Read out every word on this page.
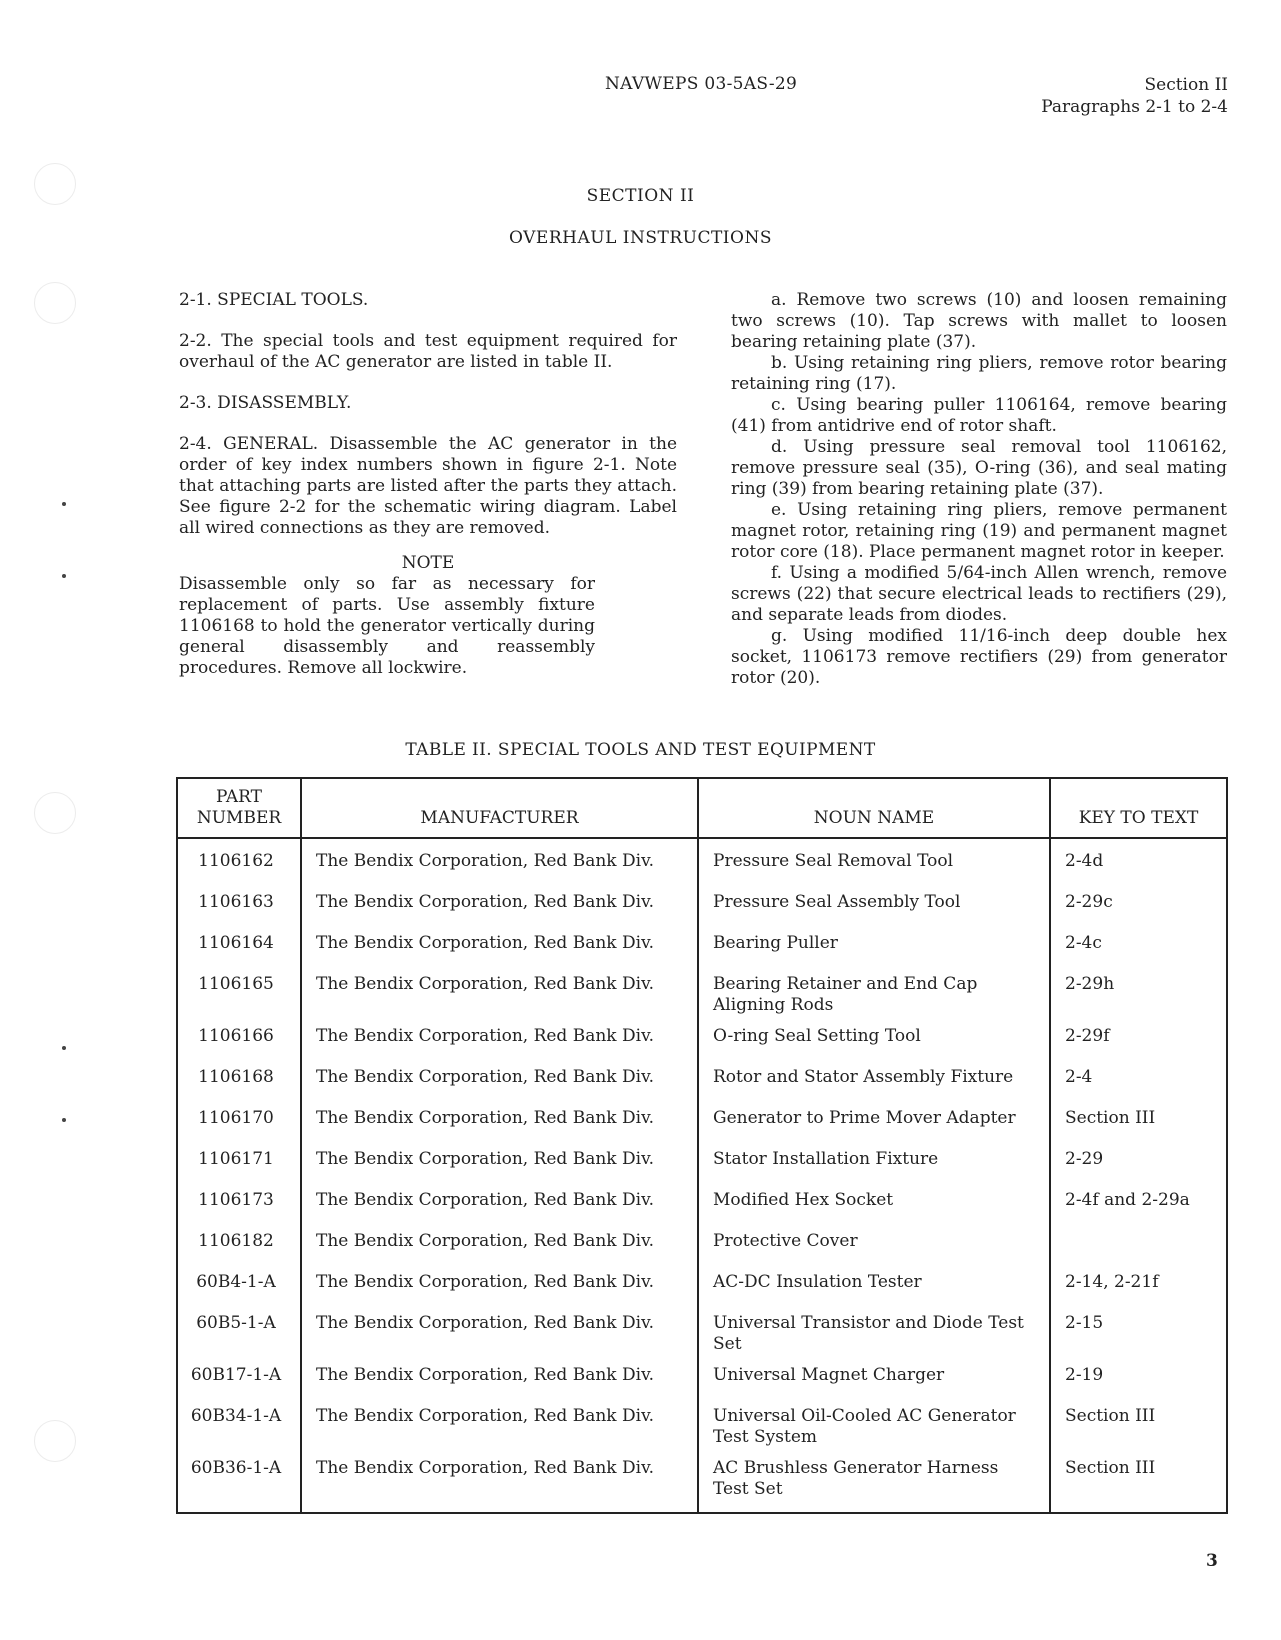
NAVWEPS 03-5AS-29	Section II
Paragraphs 2-1 to 2-4
SECTION II
OVERHAUL INSTRUCTIONS

2-1. SPECIAL TOOLS.

2-2. The special tools and test equipment required for overhaul of the AC generator are listed in table II.

2-3. DISASSEMBLY.

2-4. GENERAL. Disassemble the AC generator in the order of key index numbers shown in figure 2-1. Note that attaching parts are listed after the parts they attach. See figure 2-2 for the schematic wiring diagram. Label all wired connections as they are removed.

NOTE

Disassemble only so far as necessary for replacement of parts. Use assembly fixture 1106168 to hold the generator vertically during general disassembly and reassembly procedures. Remove all lockwire.

a. Remove two screws (10) and loosen remaining two screws (10). Tap screws with mallet to loosen bearing retaining plate (37).

b. Using retaining ring pliers, remove rotor bearing retaining ring (17).

c. Using bearing puller 1106164, remove bearing (41) from antidrive end of rotor shaft.

d. Using pressure seal removal tool 1106162, remove pressure seal (35), O-ring (36), and seal mating ring (39) from bearing retaining plate (37).

e. Using retaining ring pliers, remove permanent magnet rotor, retaining ring (19) and permanent magnet rotor core (18). Place permanent magnet rotor in keeper.

f. Using a modified 5/64-inch Allen wrench, remove screws (22) that secure electrical leads to rectifiers (29), and separate leads from diodes.

g. Using modified 11/16-inch deep double hex socket, 1106173 remove rectifiers (29) from generator rotor (20).

TABLE II. SPECIAL TOOLS AND TEST EQUIPMENT
PART NUMBER	MANUFACTURER	NOUN NAME	KEY TO TEXT
1106162	The Bendix Corporation, Red Bank Div.	Pressure Seal Removal Tool	2-4d
1106163	The Bendix Corporation, Red Bank Div.	Pressure Seal Assembly Tool	2-29c
1106164	The Bendix Corporation, Red Bank Div.	Bearing Puller	2-4c
1106165	The Bendix Corporation, Red Bank Div.	Bearing Retainer and End Cap Aligning Rods	2-29h
1106166	The Bendix Corporation, Red Bank Div.	O-ring Seal Setting Tool	2-29f
1106168	The Bendix Corporation, Red Bank Div.	Rotor and Stator Assembly Fixture	2-4
1106170	The Bendix Corporation, Red Bank Div.	Generator to Prime Mover Adapter	Section III
1106171	The Bendix Corporation, Red Bank Div.	Stator Installation Fixture	2-29
1106173	The Bendix Corporation, Red Bank Div.	Modified Hex Socket	2-4f and 2-29a
1106182	The Bendix Corporation, Red Bank Div.	Protective Cover	
60B4-1-A	The Bendix Corporation, Red Bank Div.	AC-DC Insulation Tester	2-14, 2-21f
60B5-1-A	The Bendix Corporation, Red Bank Div.	Universal Transistor and Diode Test Set	2-15
60B17-1-A	The Bendix Corporation, Red Bank Div.	Universal Magnet Charger	2-19
60B34-1-A	The Bendix Corporation, Red Bank Div.	Universal Oil-Cooled AC Generator Test System	Section III
60B36-1-A	The Bendix Corporation, Red Bank Div.	AC Brushless Generator Harness Test Set	Section III
3
